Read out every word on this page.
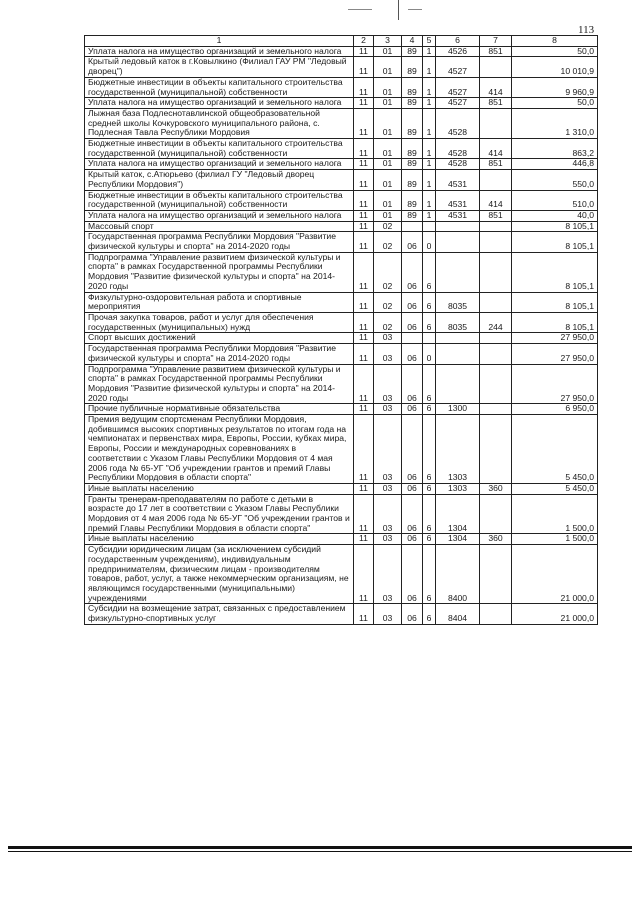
113
1	2	3	4	5	6	7	8
Уплата налога на имущество организаций и земельного налога	11	01	89	1	4526	851	50,0
Крытый ледовый каток в г.Ковылкино (Филиал ГАУ РМ "Ледовый дворец")	11	01	89	1	4527		10 010,9
Бюджетные инвестиции в объекты капитального строительства государственной (муниципальной) собственности	11	01	89	1	4527	414	9 960,9
Уплата налога на имущество организаций и земельного налога	11	01	89	1	4527	851	50,0
Лыжная база Подлеснотавлинской общеобразовательной средней школы Кочкуровского муниципального района, с. Подлесная Тавла Республики Мордовия	11	01	89	1	4528		1 310,0
Бюджетные инвестиции в объекты капитального строительства государственной (муниципальной) собственности	11	01	89	1	4528	414	863,2
Уплата налога на имущество организаций и земельного налога	11	01	89	1	4528	851	446,8
Крытый каток, с.Атюрьево (филиал ГУ "Ледовый дворец Республики Мордовия")	11	01	89	1	4531		550,0
Бюджетные инвестиции в объекты капитального строительства государственной (муниципальной) собственности	11	01	89	1	4531	414	510,0
Уплата налога на имущество организаций и земельного налога	11	01	89	1	4531	851	40,0
Массовый спорт	11	02					8 105,1
Государственная программа Республики Мордовия "Развитие физической культуры и спорта" на 2014-2020 годы	11	02	06	0			8 105,1
Подпрограмма "Управление развитием физической культуры и спорта" в рамках Государственной программы Республики Мордовия "Развитие физической культуры и спорта" на 2014-2020 годы	11	02	06	6			8 105,1
Физкультурно-оздоровительная работа и спортивные мероприятия	11	02	06	6	8035		8 105,1
Прочая закупка товаров, работ и услуг для обеспечения государственных (муниципальных) нужд	11	02	06	6	8035	244	8 105,1
Спорт высших достижений	11	03					27 950,0
Государственная программа Республики Мордовия "Развитие физической культуры и спорта" на 2014-2020 годы	11	03	06	0			27 950,0
Подпрограмма "Управление развитием физической культуры и спорта" в рамках Государственной программы Республики Мордовия "Развитие физической культуры и спорта" на 2014-2020 годы	11	03	06	6			27 950,0
Прочие публичные нормативные обязательства	11	03	06	6	1300		6 950,0
Премия ведущим спортсменам Республики Мордовия, добившимся высоких спортивных результатов по итогам года на чемпионатах и первенствах мира, Европы, России, кубках мира, Европы, России и международных соревнованиях в соответствии с Указом Главы Республики Мордовия от 4 мая 2006 года № 65-УГ "Об учреждении грантов и премий Главы Республики Мордовия в области спорта"	11	03	06	6	1303		5 450,0
Иные выплаты населению	11	03	06	6	1303	360	5 450,0
Гранты тренерам-преподавателям по работе с детьми в возрасте до 17 лет в соответствии с Указом Главы Республики Мордовия от 4 мая 2006 года № 65-УГ "Об учреждении грантов и премий Главы Республики Мордовия в области спорта"	11	03	06	6	1304		1 500,0
Иные выплаты населению	11	03	06	6	1304	360	1 500,0
Субсидии юридическим лицам (за исключением субсидий государственным учреждениям), индивидуальным предпринимателям, физическим лицам - производителям товаров, работ, услуг, а также некоммерческим организациям, не являющимся государственными (муниципальными) учреждениями	11	03	06	6	8400		21 000,0
Субсидии на возмещение затрат, связанных с предоставлением физкультурно-спортивных услуг	11	03	06	6	8404		21 000,0
